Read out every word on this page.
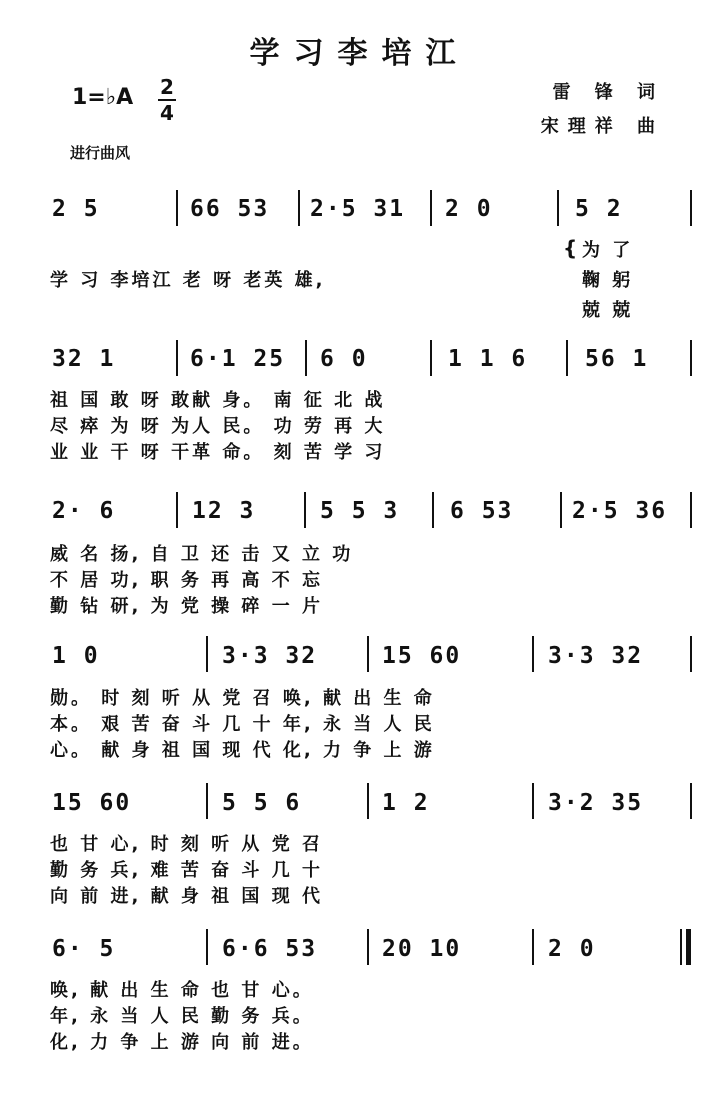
学习李培江
1=♭A 2
4
进行曲风
雷 锋 词
宋理祥 曲
2 5	66 53 2·5 31 2 0	5 2
学 习 李培江 老 呀 老英 雄,
{ 为 了
鞠 躬
兢 兢
32 1	6·1 25 6 0	1 1 6	56 1
祖 国 敢 呀 敢献 身。 南 征 北 战
尽 瘁 为 呀 为人 民。 功 劳 再 大
业 业 干 呀 干革 命。 刻 苦 学 习
2· 6	12 3	5 5 3 6 53	2·5 36
威 名 扬, 自 卫 还 击 又 立 功
不 居 功, 职 务 再 高 不 忘
勤 钻 研, 为 党 操 碎 一 片
1 0	3·3 32	15 60	3·3 32
勋。 时 刻 听 从 党 召 唤, 献 出 生 命
本。 艰 苦 奋 斗 几 十 年, 永 当 人 民
心。 献 身 祖 国 现 代 化, 力 争 上 游
15 60	5 5 6	1 2	3·2 35
也 甘 心, 时 刻 听 从 党 召
勤 务 兵, 难 苦 奋 斗 几 十
向 前 进, 献 身 祖 国 现 代
6· 5	6·6 53	20 10	2 0
唤, 献 出 生 命 也 甘 心。
年, 永 当 人 民 勤 务 兵。
化, 力 争 上 游 向 前 进。
